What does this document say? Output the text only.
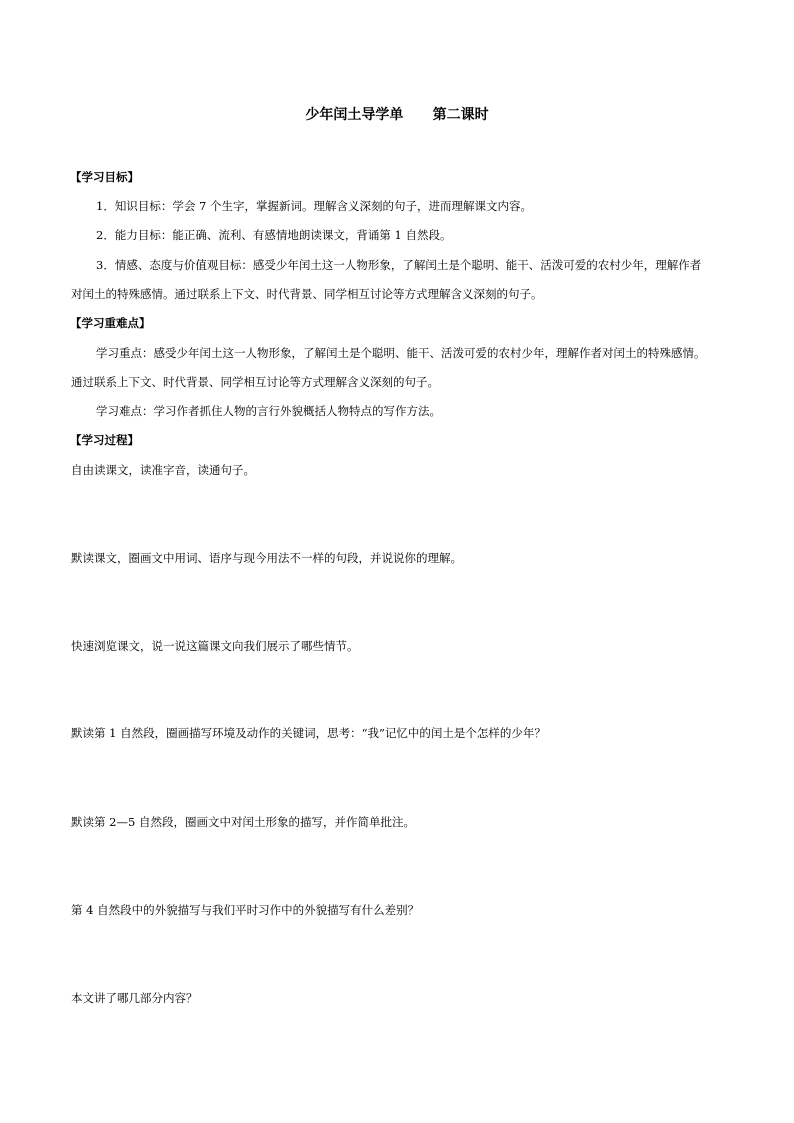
少年闰土导学单      第二课时
【学习目标】
1．知识目标：学会 7 个生字，掌握新词。理解含义深刻的句子，进而理解课文内容。
2．能力目标：能正确、流利、有感情地朗读课文，背诵第 1 自然段。
3．情感、态度与价值观目标：感受少年闰土这一人物形象，了解闰土是个聪明、能干、活泼可爱的农村少年，理解作者
对闰土的特殊感情。通过联系上下文、时代背景、同学相互讨论等方式理解含义深刻的句子。
【学习重难点】
学习重点：感受少年闰土这一人物形象，了解闰土是个聪明、能干、活泼可爱的农村少年，理解作者对闰土的特殊感情。
通过联系上下文、时代背景、同学相互讨论等方式理解含义深刻的句子。
学习难点：学习作者抓住人物的言行外貌概括人物特点的写作方法。
【学习过程】
自由读课文，读准字音，读通句子。
默读课文，圈画文中用词、语序与现今用法不一样的句段，并说说你的理解。
快速浏览课文，说一说这篇课文向我们展示了哪些情节。
默读第 1 自然段，圈画描写环境及动作的关键词，思考：“我”记忆中的闰土是个怎样的少年？
默读第 2—5 自然段，圈画文中对闰土形象的描写，并作简单批注。
第 4 自然段中的外貌描写与我们平时习作中的外貌描写有什么差别？
本文讲了哪几部分内容？
